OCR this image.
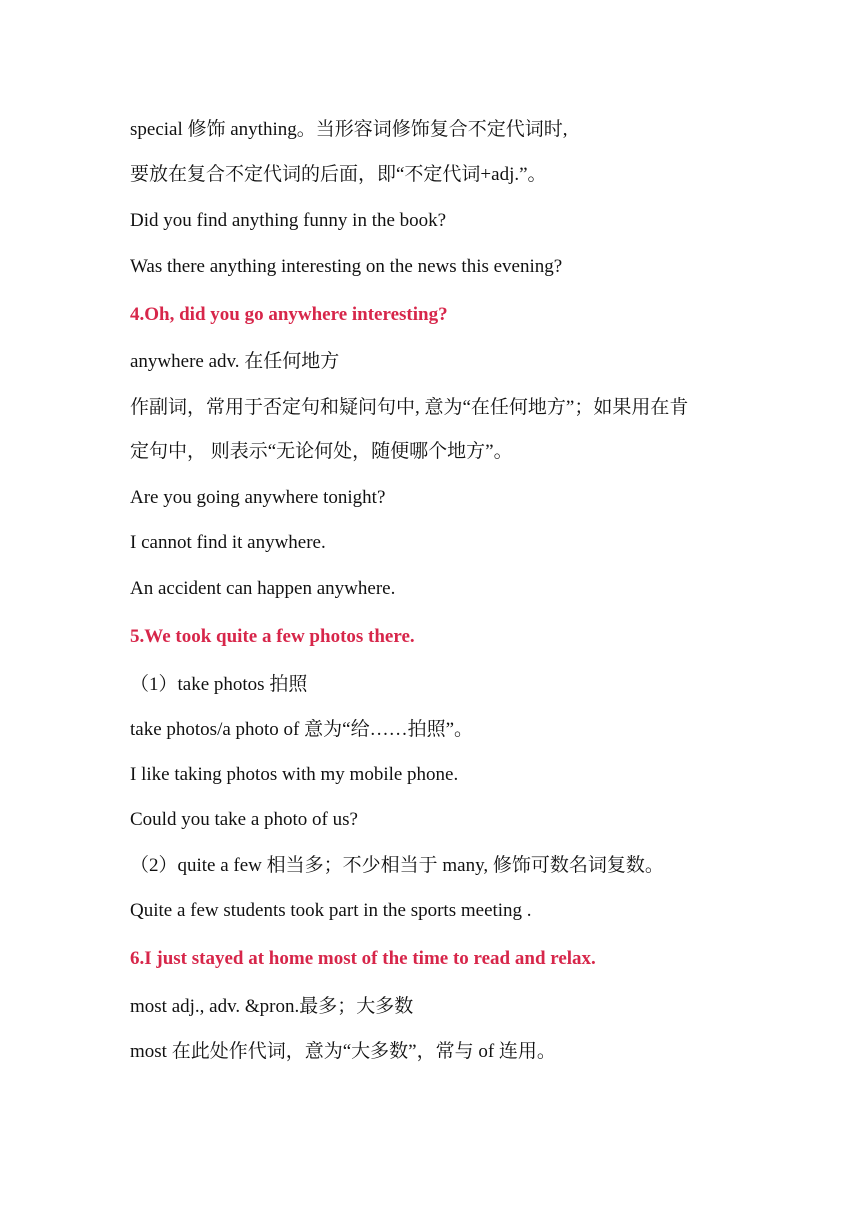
special 修饰 anything。当形容词修饰复合不定代词时,
要放在复合不定代词的后面，即“不定代词+adj.”。
Did you find anything funny in the book?
Was there anything interesting on the news this evening?
4.Oh, did you go anywhere interesting?
anywhere adv. 在任何地方
作副词，常用于否定句和疑问句中, 意为“在任何地方”；如果用在肯
定句中， 则表示“无论何处，随便哪个地方”。
Are you going anywhere tonight?
I cannot find it anywhere.
An accident can happen anywhere.
5.We took quite a few photos there.
（1）take photos 拍照
take photos/a photo of 意为“给……拍照”。
I like taking photos with my mobile phone.
Could you take a photo of us?
（2）quite a few 相当多；不少相当于 many, 修饰可数名词复数。
Quite a few students took part in the sports meeting .
6.I just stayed at home most of the time to read and relax.
most adj., adv. &pron.最多；大多数
most 在此处作代词，意为“大多数”，常与 of 连用。
